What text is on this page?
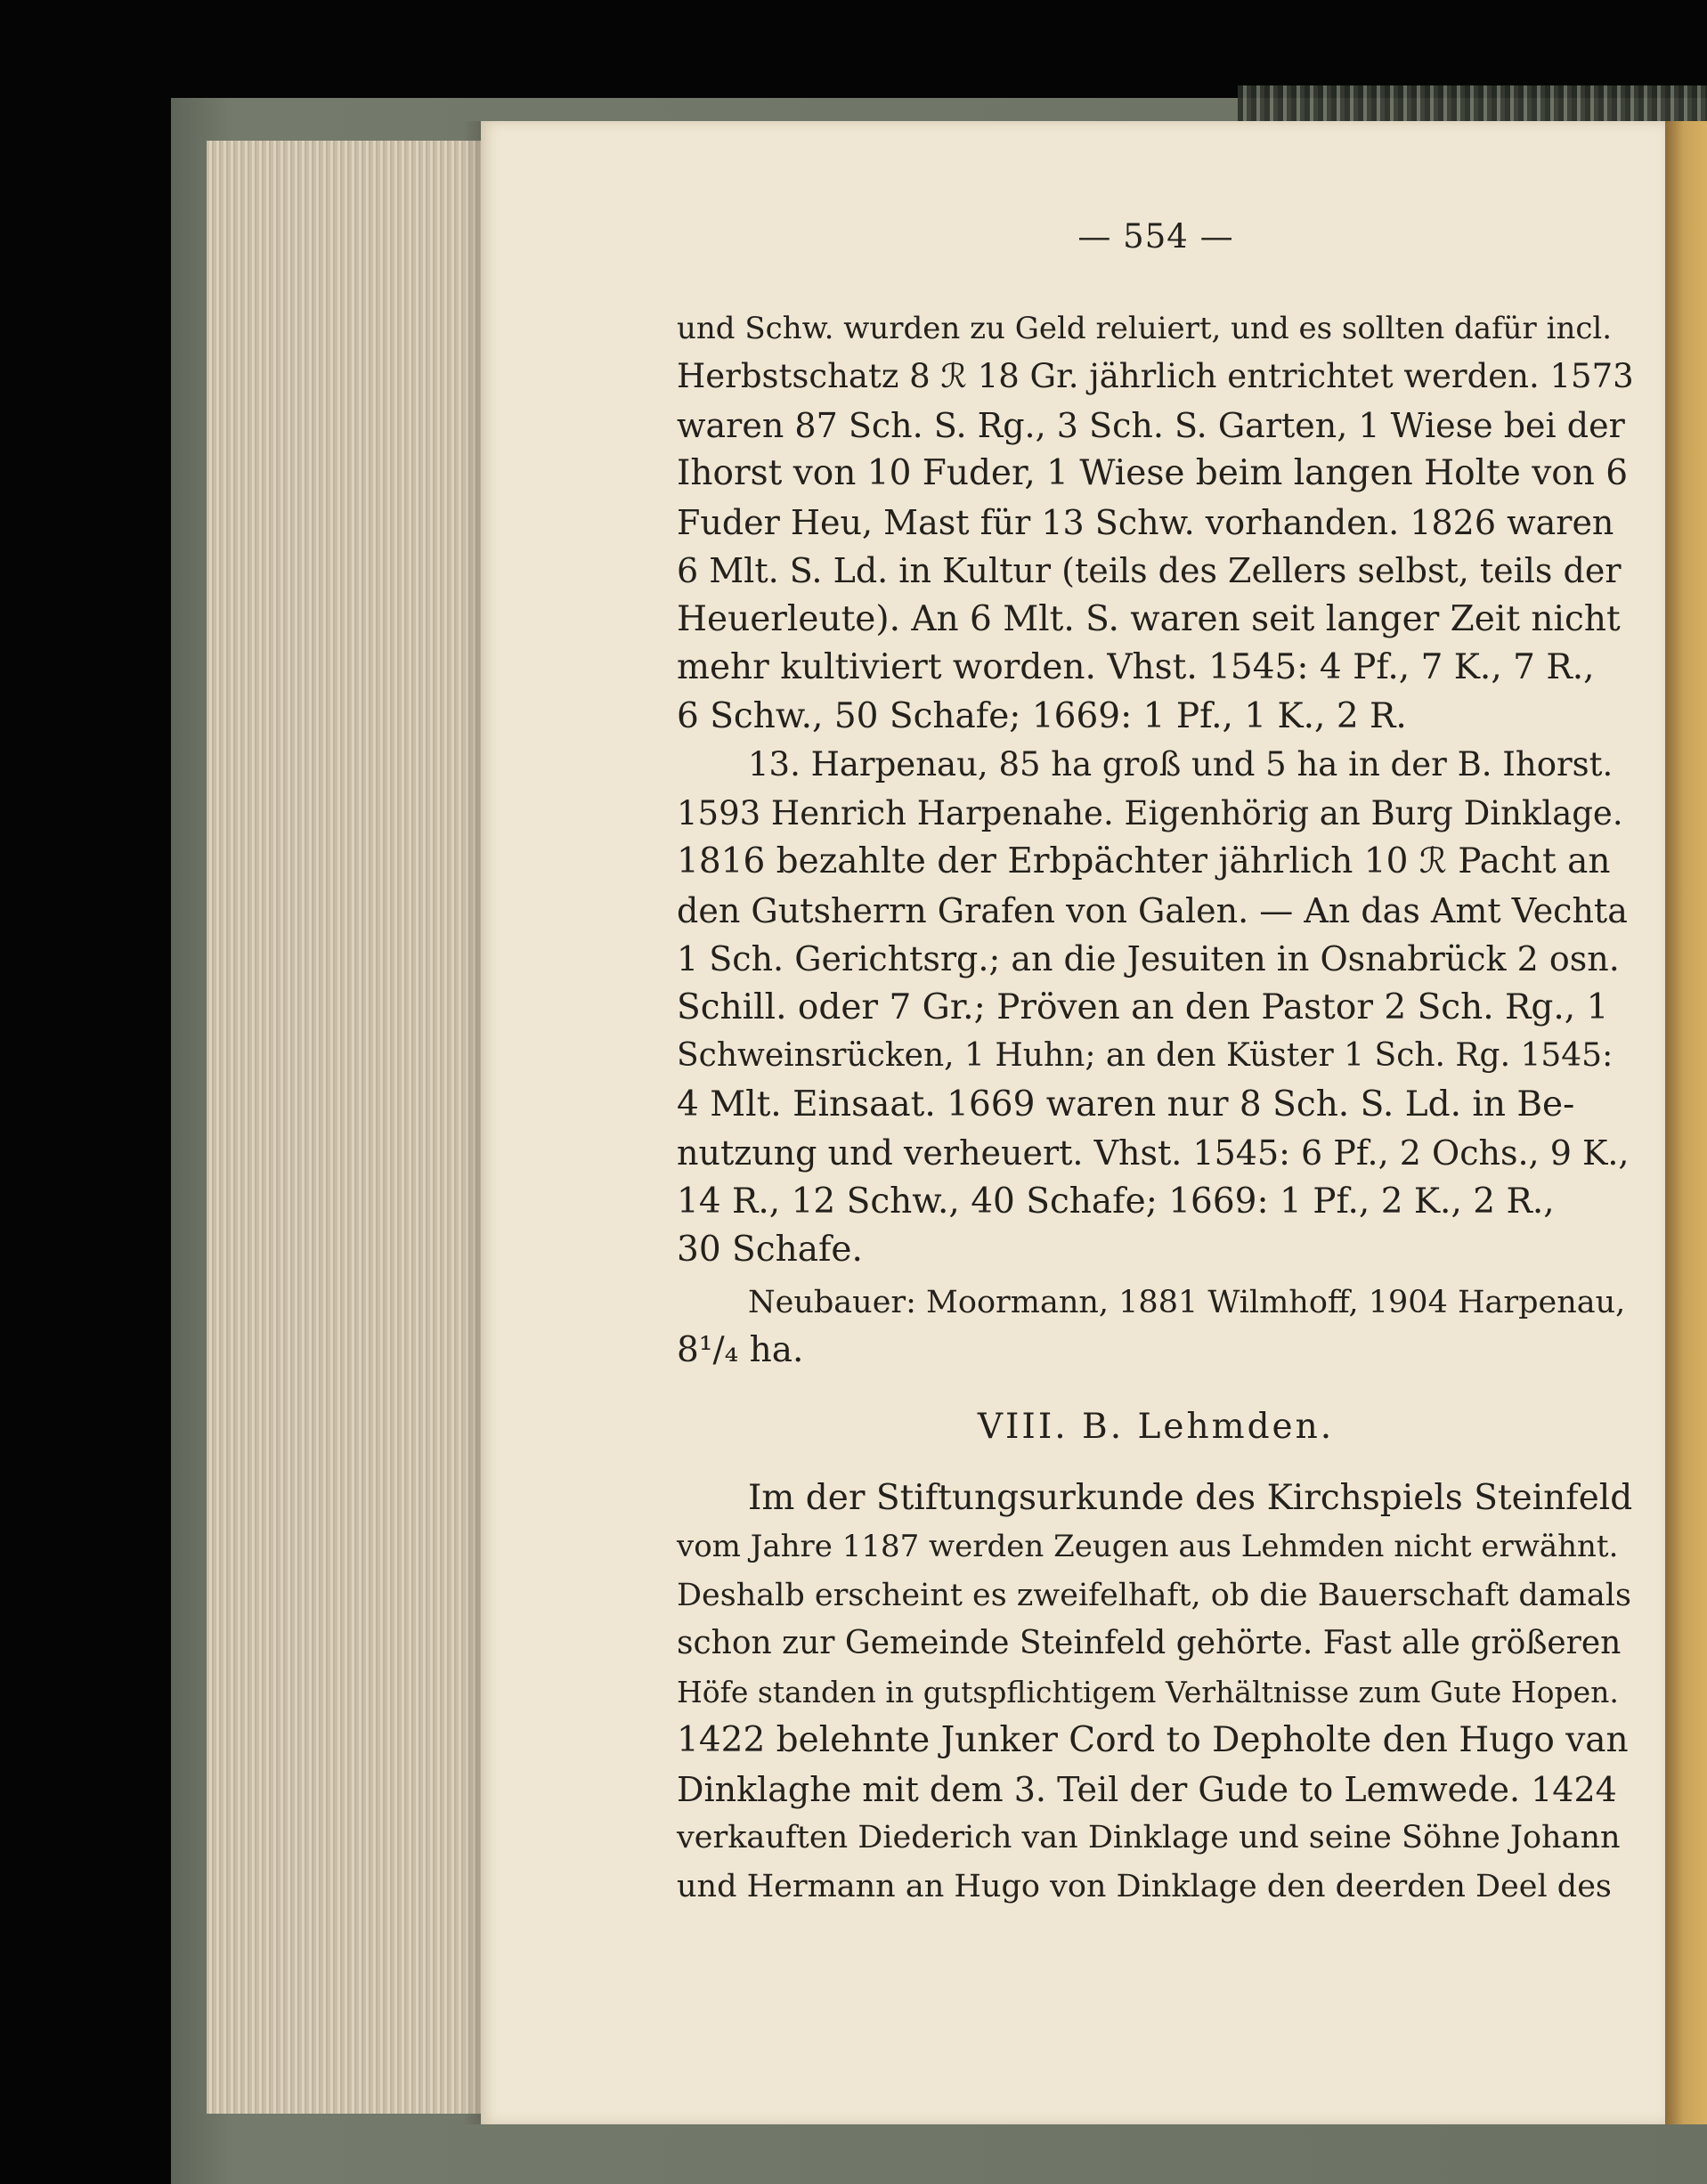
— 554 —
und Schw. wurden zu Geld reluiert, und es sollten dafür incl.
Herbstschatz 8 ℛ 18 Gr. jährlich entrichtet werden. 1573
waren 87 Sch. S. Rg., 3 Sch. S. Garten, 1 Wiese bei der
Ihorst von 10 Fuder, 1 Wiese beim langen Holte von 6
Fuder Heu, Mast für 13 Schw. vorhanden. 1826 waren
6 Mlt. S. Ld. in Kultur (teils des Zellers selbst, teils der
Heuerleute). An 6 Mlt. S. waren seit langer Zeit nicht
mehr kultiviert worden. Vhst. 1545: 4 Pf., 7 K., 7 R.,
6 Schw., 50 Schafe; 1669: 1 Pf., 1 K., 2 R.
13. Harpenau, 85 ha groß und 5 ha in der B. Ihorst.
1593 Henrich Harpenahe. Eigenhörig an Burg Dinklage.
1816 bezahlte der Erbpächter jährlich 10 ℛ Pacht an
den Gutsherrn Grafen von Galen. — An das Amt Vechta
1 Sch. Gerichtsrg.; an die Jesuiten in Osnabrück 2 osn.
Schill. oder 7 Gr.; Pröven an den Pastor 2 Sch. Rg., 1
Schweinsrücken, 1 Huhn; an den Küster 1 Sch. Rg. 1545:
4 Mlt. Einsaat. 1669 waren nur 8 Sch. S. Ld. in Be-
nutzung und verheuert. Vhst. 1545: 6 Pf., 2 Ochs., 9 K.,
14 R., 12 Schw., 40 Schafe; 1669: 1 Pf., 2 K., 2 R.,
30 Schafe.
Neubauer: Moormann, 1881 Wilmhoff, 1904 Harpenau,
8¹/₄ ha.
VIII. B. Lehmden.
Im der Stiftungsurkunde des Kirchspiels Steinfeld
vom Jahre 1187 werden Zeugen aus Lehmden nicht erwähnt.
Deshalb erscheint es zweifelhaft, ob die Bauerschaft damals
schon zur Gemeinde Steinfeld gehörte. Fast alle größeren
Höfe standen in gutspflichtigem Verhältnisse zum Gute Hopen.
1422 belehnte Junker Cord to Depholte den Hugo van
Dinklaghe mit dem 3. Teil der Gude to Lemwede. 1424
verkauften Diederich van Dinklage und seine Söhne Johann
und Hermann an Hugo von Dinklage den deerden Deel des
